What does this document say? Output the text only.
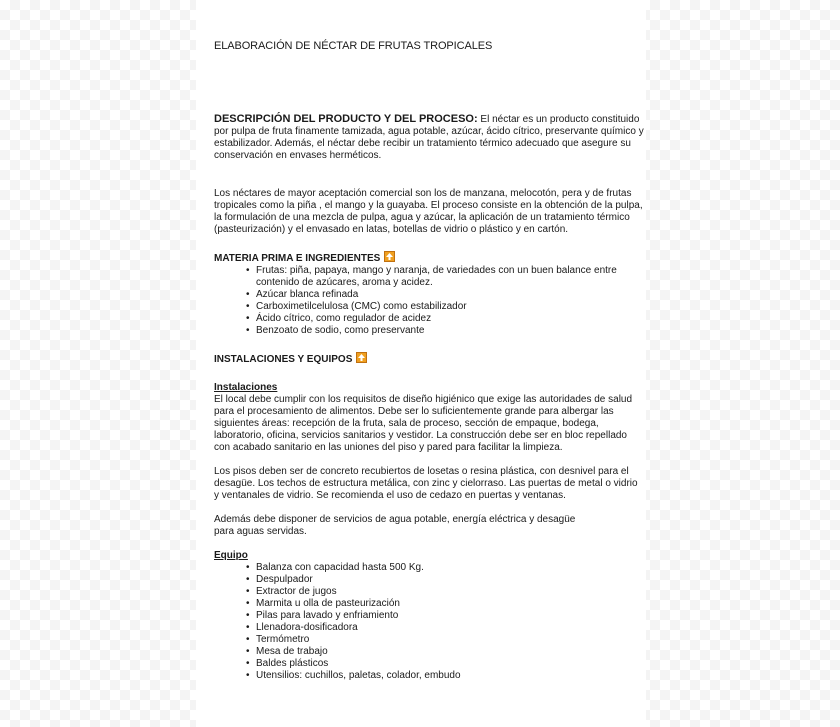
ELABORACIÓN DE NÉCTAR DE FRUTAS TROPICALES

DESCRIPCIÓN DEL PRODUCTO Y DEL PROCESO: El néctar es un producto constituido por pulpa de fruta finamente tamizada, agua potable, azúcar, ácido cítrico, preservante químico y estabilizador. Además, el néctar debe recibir un tratamiento térmico adecuado que asegure su conservación en envases herméticos.

Los néctares de mayor aceptación comercial son los de manzana, melocotón, pera y de frutas tropicales como la piña , el mango y la guayaba. El proceso consiste en la obtención de la pulpa, la formulación de una mezcla de pulpa, agua y azúcar, la aplicación de un tratamiento térmico (pasteurización) y el envasado en latas, botellas de vidrio o plástico y en cartón.

MATERIA PRIMA E INGREDIENTES
• Frutas: piña, papaya, mango y naranja, de variedades con un buen balance entre contenido de azúcares, aroma y acidez.
• Azúcar blanca refinada
• Carboximetilcelulosa (CMC) como estabilizador
• Ácido cítrico, como regulador de acidez
• Benzoato de sodio, como preservante
INSTALACIONES Y EQUIPOS
Instalaciones

El local debe cumplir con los requisitos de diseño higiénico que exige las autoridades de salud para el procesamiento de alimentos. Debe ser lo suficientemente grande para albergar las siguientes áreas: recepción de la fruta, sala de proceso, sección de empaque, bodega, laboratorio, oficina, servicios sanitarios y vestidor. La construcción debe ser en bloc repellado con acabado sanitario en las uniones del piso y pared para facilitar la limpieza.

Los pisos deben ser de concreto recubiertos de losetas o resina plástica, con desnivel para el desagüe. Los techos de estructura metálica, con zinc y cielorraso. Las puertas de metal o vidrio y ventanales de vidrio. Se recomienda el uso de cedazo en puertas y ventanas.

Además debe disponer de servicios de agua potable, energía eléctrica y desagüe
para aguas servidas.

Equipo
• Balanza con capacidad hasta 500 Kg.
• Despulpador
• Extractor de jugos
• Marmita u olla de pasteurización
• Pilas para lavado y enfriamiento
• Llenadora-dosificadora
• Termómetro
• Mesa de trabajo
• Baldes plásticos
• Utensilios: cuchillos, paletas, colador, embudo
